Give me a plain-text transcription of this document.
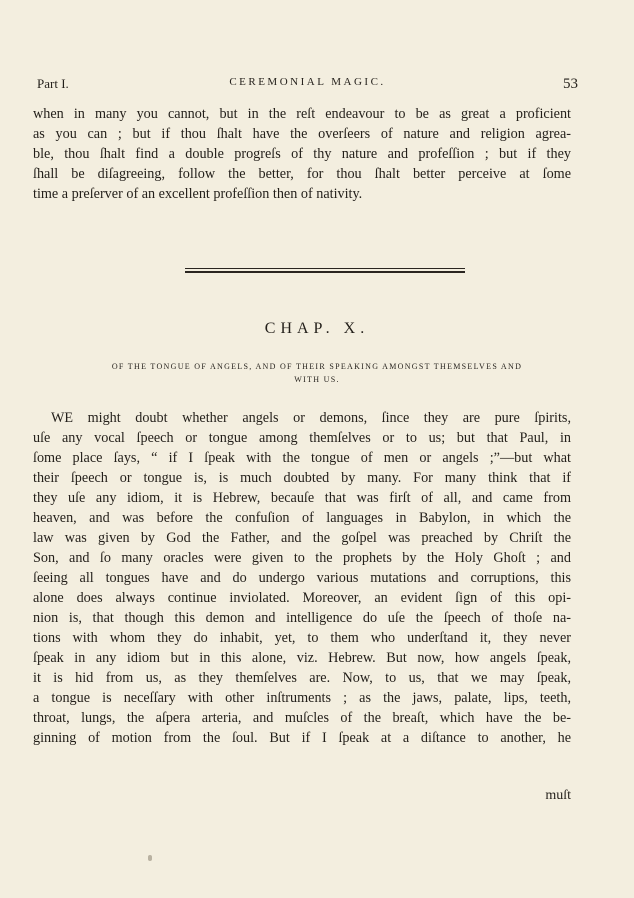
Part I.	CEREMONIAL MAGIC.	53
when in many you cannot, but in the reſt endeavour to be as great a proficient
as you can ; but if thou ſhalt have the overſeers of nature and religion agrea-
ble, thou ſhalt find a double progreſs of thy nature and profeſſion ; but if they
ſhall be diſagreeing, follow the better, for thou ſhalt better perceive at ſome
time a preſerver of an excellent profeſſion then of nativity.
CHAP. X.
OF THE TONGUE OF ANGELS, AND OF THEIR SPEAKING AMONGST THEMSELVES AND
WITH US.
WE might doubt whether angels or demons, ſince they are pure ſpirits,
uſe any vocal ſpeech or tongue among themſelves or to us; but that Paul, in
ſome place ſays, “ if I ſpeak with the tongue of men or angels ;”—but what
their ſpeech or tongue is, is much doubted by many. For many think that if
they uſe any idiom, it is Hebrew, becauſe that was firſt of all, and came from
heaven, and was before the confuſion of languages in Babylon, in which the
law was given by God the Father, and the goſpel was preached by Chriſt the
Son, and ſo many oracles were given to the prophets by the Holy Ghoſt ; and
ſeeing all tongues have and do undergo various mutations and corruptions, this
alone does always continue inviolated. Moreover, an evident ſign of this opi-
nion is, that though this demon and intelligence do uſe the ſpeech of thoſe na-
tions with whom they do inhabit, yet, to them who underſtand it, they never
ſpeak in any idiom but in this alone, viz. Hebrew. But now, how angels ſpeak,
it is hid from us, as they themſelves are. Now, to us, that we may ſpeak,
a tongue is neceſſary with other inſtruments ; as the jaws, palate, lips, teeth,
throat, lungs, the aſpera arteria, and muſcles of the breaſt, which have the be-
ginning of motion from the ſoul. But if I ſpeak at a diſtance to another, he
muſt
